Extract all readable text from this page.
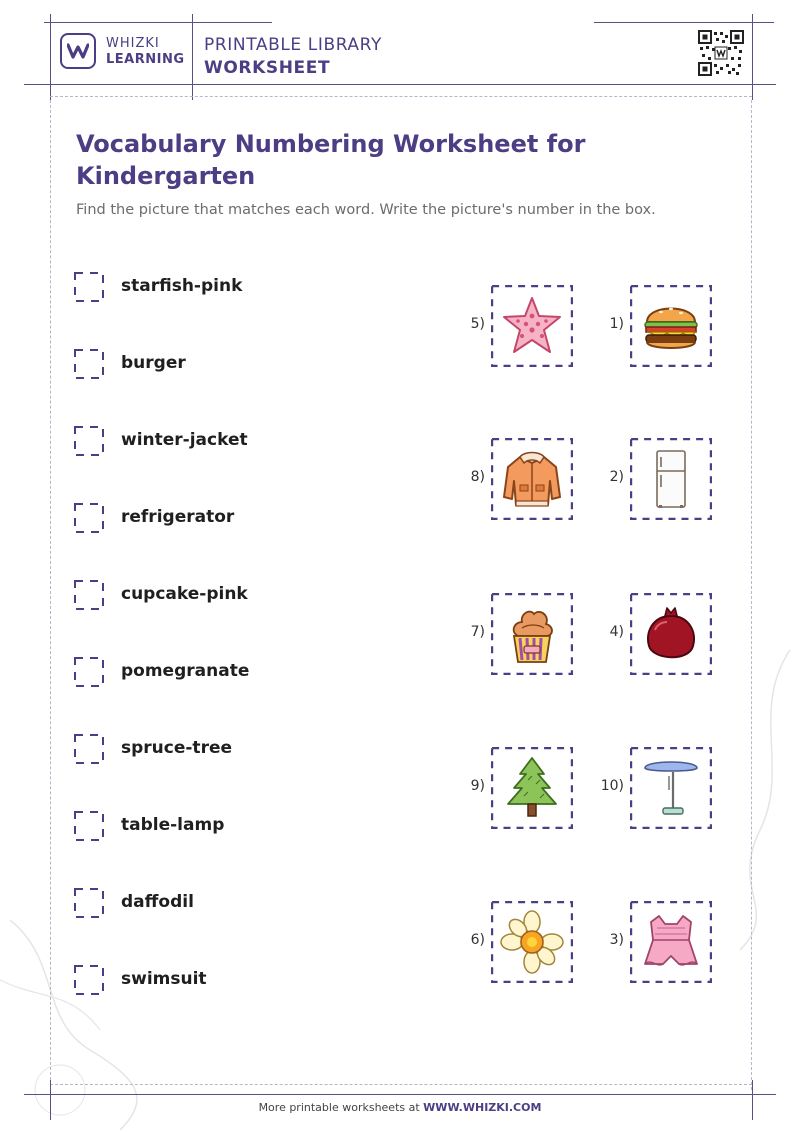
WHIZKI
LEARNING
PRINTABLE LIBRARY
WORKSHEET
Vocabulary Numbering Worksheet for Kindergarten

Find the picture that matches each word. Write the picture's number in the box.

starfish-pink
burger
winter-jacket
refrigerator
cupcake-pink
pomegranate
spruce-tree
table-lamp
daffodil
swimsuit
5)	1)
8)	2)
7)	4)
9)	10)
6)	3)
More printable worksheets at WWW.WHIZKI.COM
